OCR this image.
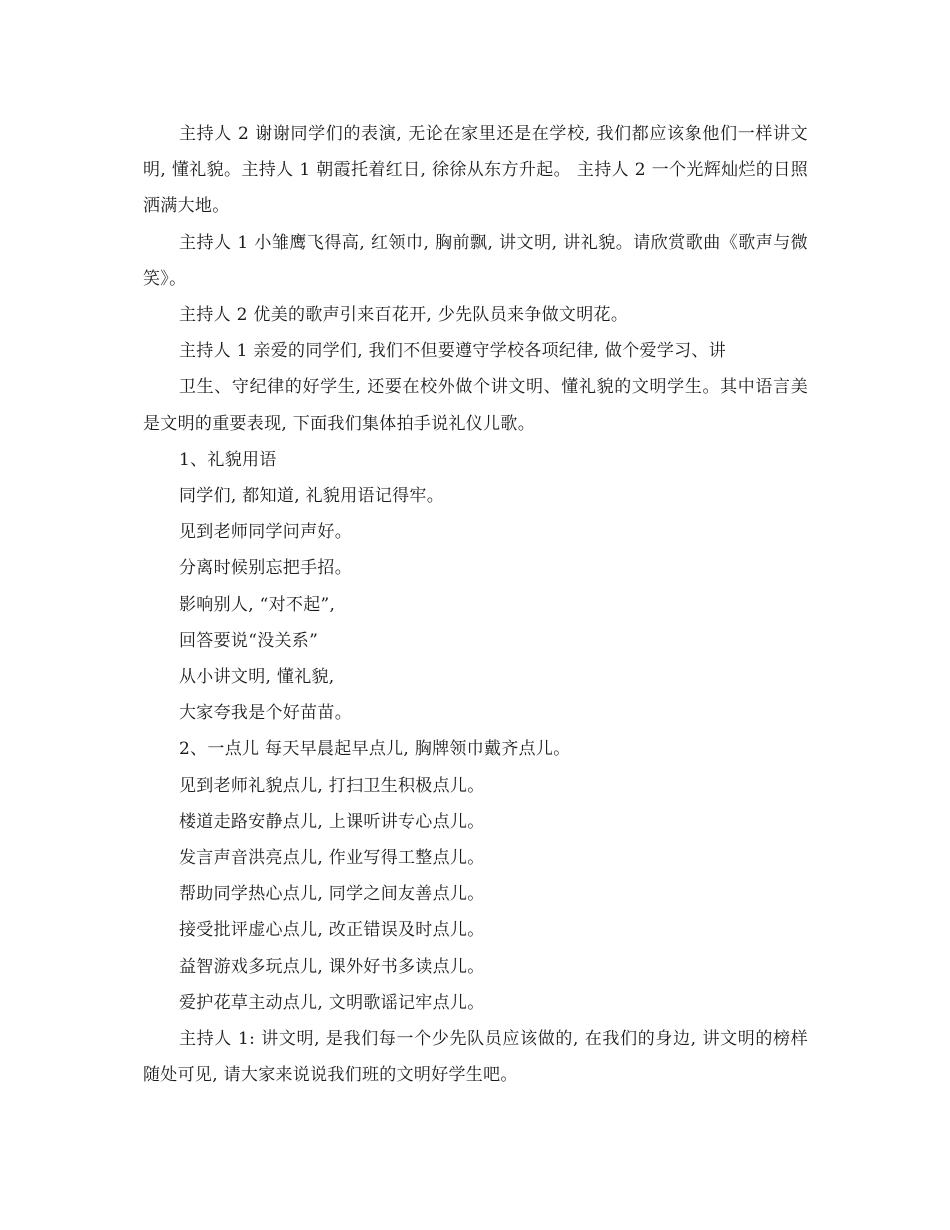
主持人 2 谢谢同学们的表演, 无论在家里还是在学校, 我们都应该象他们一样讲文明, 懂礼貌。主持人 1 朝霞托着红日, 徐徐从东方升起。 主持人 2 一个光辉灿烂的日照洒满大地。

主持人 1 小雏鹰飞得高, 红领巾, 胸前飘, 讲文明, 讲礼貌。请欣赏歌曲《歌声与微笑》。

主持人 2 优美的歌声引来百花开, 少先队员来争做文明花。

主持人 1 亲爱的同学们, 我们不但要遵守学校各项纪律, 做个爱学习、讲

卫生、守纪律的好学生, 还要在校外做个讲文明、懂礼貌的文明学生。其中语言美是文明的重要表现, 下面我们集体拍手说礼仪儿歌。

1、礼貌用语

同学们, 都知道, 礼貌用语记得牢。

见到老师同学问声好。

分离时候别忘把手招。

影响别人, “对不起”,

回答要说“没关系”

从小讲文明, 懂礼貌,

大家夸我是个好苗苗。

2、一点儿 每天早晨起早点儿, 胸牌领巾戴齐点儿。

见到老师礼貌点儿, 打扫卫生积极点儿。

楼道走路安静点儿, 上课听讲专心点儿。

发言声音洪亮点儿, 作业写得工整点儿。

帮助同学热心点儿, 同学之间友善点儿。

接受批评虚心点儿, 改正错误及时点儿。

益智游戏多玩点儿, 课外好书多读点儿。

爱护花草主动点儿, 文明歌谣记牢点儿。

主持人 1: 讲文明, 是我们每一个少先队员应该做的, 在我们的身边, 讲文明的榜样随处可见, 请大家来说说我们班的文明好学生吧。
